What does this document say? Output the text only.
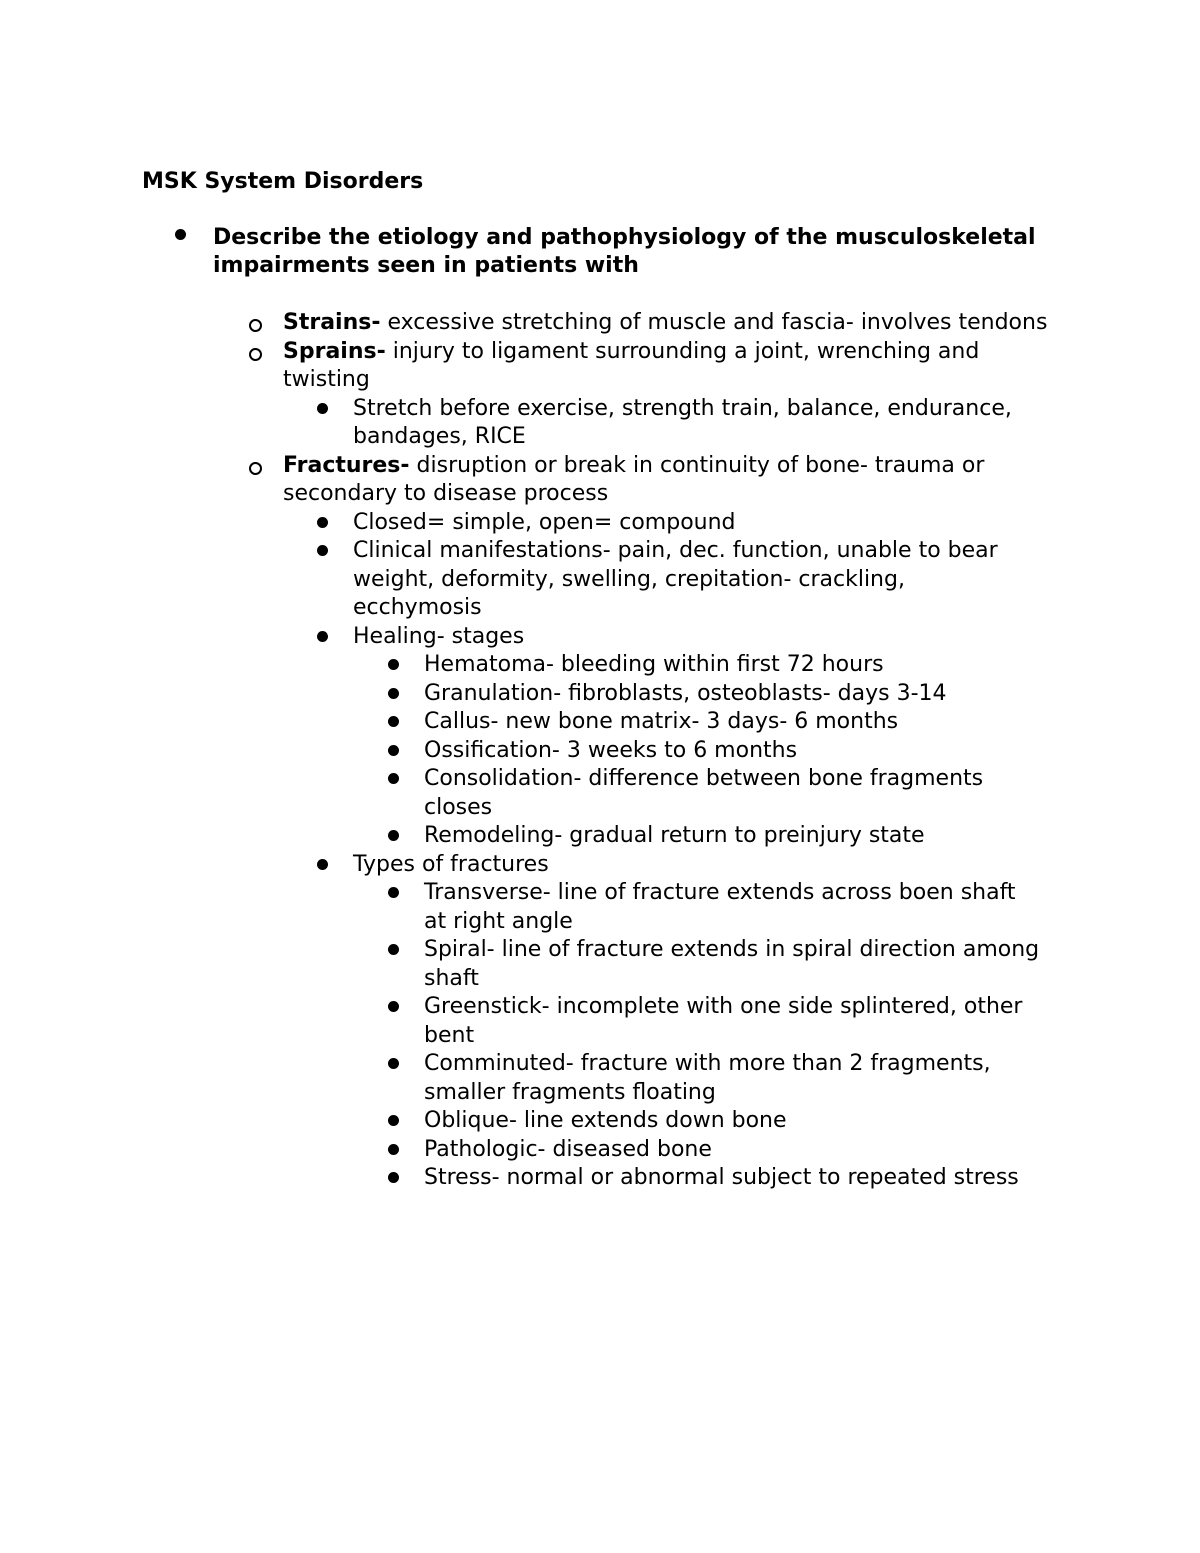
MSK System Disorders
Describe the etiology and pathophysiology of the musculoskeletal impairments seen in patients with
Strains- excessive stretching of muscle and fascia- involves tendons
Sprains- injury to ligament surrounding a joint, wrenching and twisting
Stretch before exercise, strength train, balance, endurance, bandages, RICE
Fractures- disruption or break in continuity of bone- trauma or secondary to disease process
Closed= simple, open= compound
Clinical manifestations- pain, dec. function, unable to bear weight, deformity, swelling, crepitation- crackling, ecchymosis
Healing- stages
Hematoma- bleeding within first 72 hours
Granulation- fibroblasts, osteoblasts- days 3-14
Callus- new bone matrix- 3 days- 6 months
Ossification- 3 weeks to 6 months
Consolidation- difference between bone fragments closes
Remodeling- gradual return to preinjury state
Types of fractures
Transverse- line of fracture extends across boen shaft at right angle
Spiral- line of fracture extends in spiral direction among shaft
Greenstick- incomplete with one side splintered, other bent
Comminuted- fracture with more than 2 fragments, smaller fragments floating
Oblique- line extends down bone
Pathologic- diseased bone
Stress- normal or abnormal subject to repeated stress
